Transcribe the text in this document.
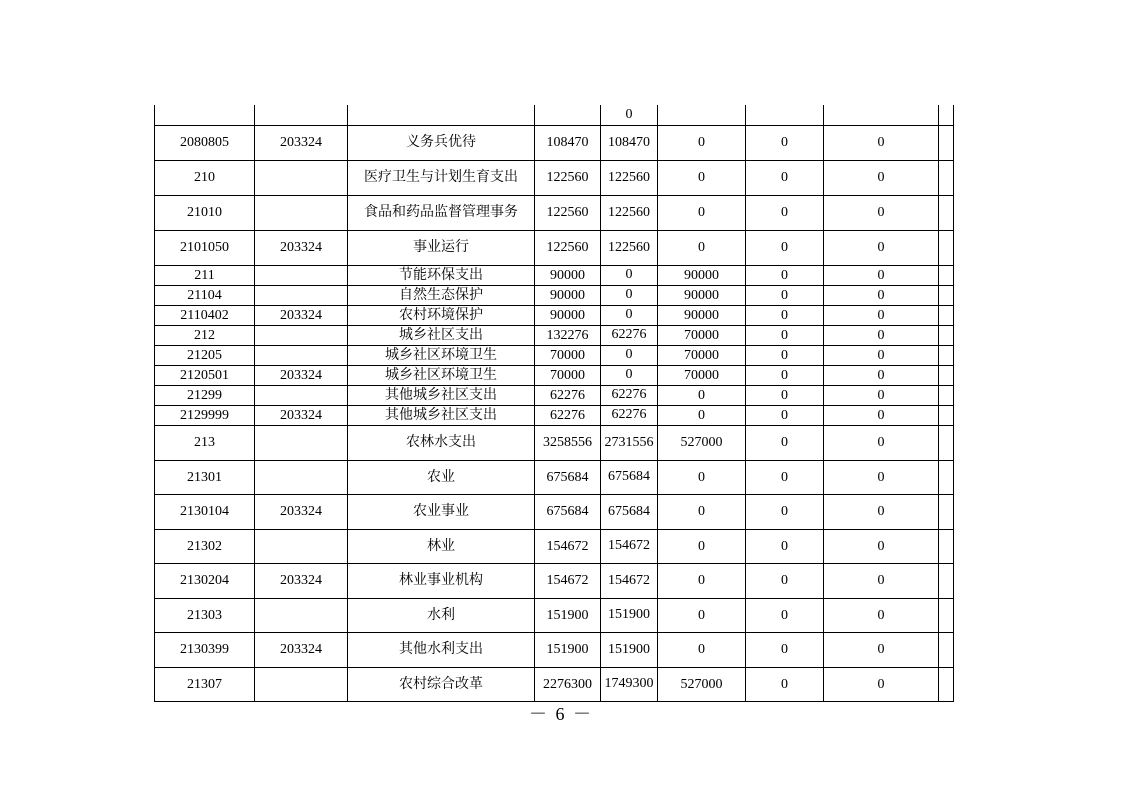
				0				
2080805	203324	义务兵优待	108470	108470	0	0	0	
210		医疗卫生与计划生育支出	122560	122560	0	0	0	
21010		食品和药品监督管理事务	122560	122560	0	0	0	
2101050	203324	事业运行	122560	122560	0	0	0	
211		节能环保支出	90000	0	90000	0	0	
21104		自然生态保护	90000	0	90000	0	0	
2110402	203324	农村环境保护	90000	0	90000	0	0	
212		城乡社区支出	132276	62276	70000	0	0	
21205		城乡社区环境卫生	70000	0	70000	0	0	
2120501	203324	城乡社区环境卫生	70000	0	70000	0	0	
21299		其他城乡社区支出	62276	62276	0	0	0	
2129999	203324	其他城乡社区支出	62276	62276	0	0	0	
213		农林水支出	3258556	2731556	527000	0	0	
21301		农业	675684	675684	0	0	0	
2130104	203324	农业事业	675684	675684	0	0	0	
21302		林业	154672	154672	0	0	0	
2130204	203324	林业事业机构	154672	154672	0	0	0	
21303		水利	151900	151900	0	0	0	
2130399	203324	其他水利支出	151900	151900	0	0	0	
21307		农村综合改革	2276300	1749300	527000	0	0	
－ 6 －
